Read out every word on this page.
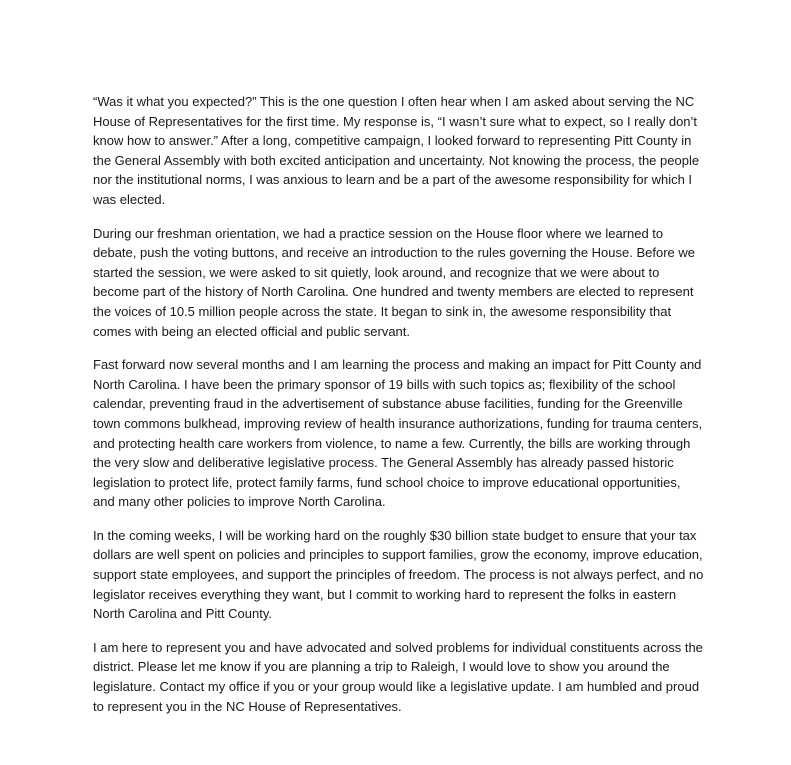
“Was it what you expected?” This is the one question I often hear when I am asked about serving the NC House of Representatives for the first time. My response is, “I wasn’t sure what to expect, so I really don’t know how to answer.” After a long, competitive campaign, I looked forward to representing Pitt County in the General Assembly with both excited anticipation and uncertainty. Not knowing the process, the people nor the institutional norms, I was anxious to learn and be a part of the awesome responsibility for which I was elected.

During our freshman orientation, we had a practice session on the House floor where we learned to debate, push the voting buttons, and receive an introduction to the rules governing the House. Before we started the session, we were asked to sit quietly, look around, and recognize that we were about to become part of the history of North Carolina. One hundred and twenty members are elected to represent the voices of 10.5 million people across the state. It began to sink in, the awesome responsibility that comes with being an elected official and public servant.

Fast forward now several months and I am learning the process and making an impact for Pitt County and North Carolina. I have been the primary sponsor of 19 bills with such topics as; flexibility of the school calendar, preventing fraud in the advertisement of substance abuse facilities, funding for the Greenville town commons bulkhead, improving review of health insurance authorizations, funding for trauma centers, and protecting health care workers from violence, to name a few. Currently, the bills are working through the very slow and deliberative legislative process. The General Assembly has already passed historic legislation to protect life, protect family farms, fund school choice to improve educational opportunities, and many other policies to improve North Carolina.

In the coming weeks, I will be working hard on the roughly $30 billion state budget to ensure that your tax dollars are well spent on policies and principles to support families, grow the economy, improve education, support state employees, and support the principles of freedom. The process is not always perfect, and no legislator receives everything they want, but I commit to working hard to represent the folks in eastern North Carolina and Pitt County.

I am here to represent you and have advocated and solved problems for individual constituents across the district. Please let me know if you are planning a trip to Raleigh, I would love to show you around the legislature. Contact my office if you or your group would like a legislative update. I am humbled and proud to represent you in the NC House of Representatives.
